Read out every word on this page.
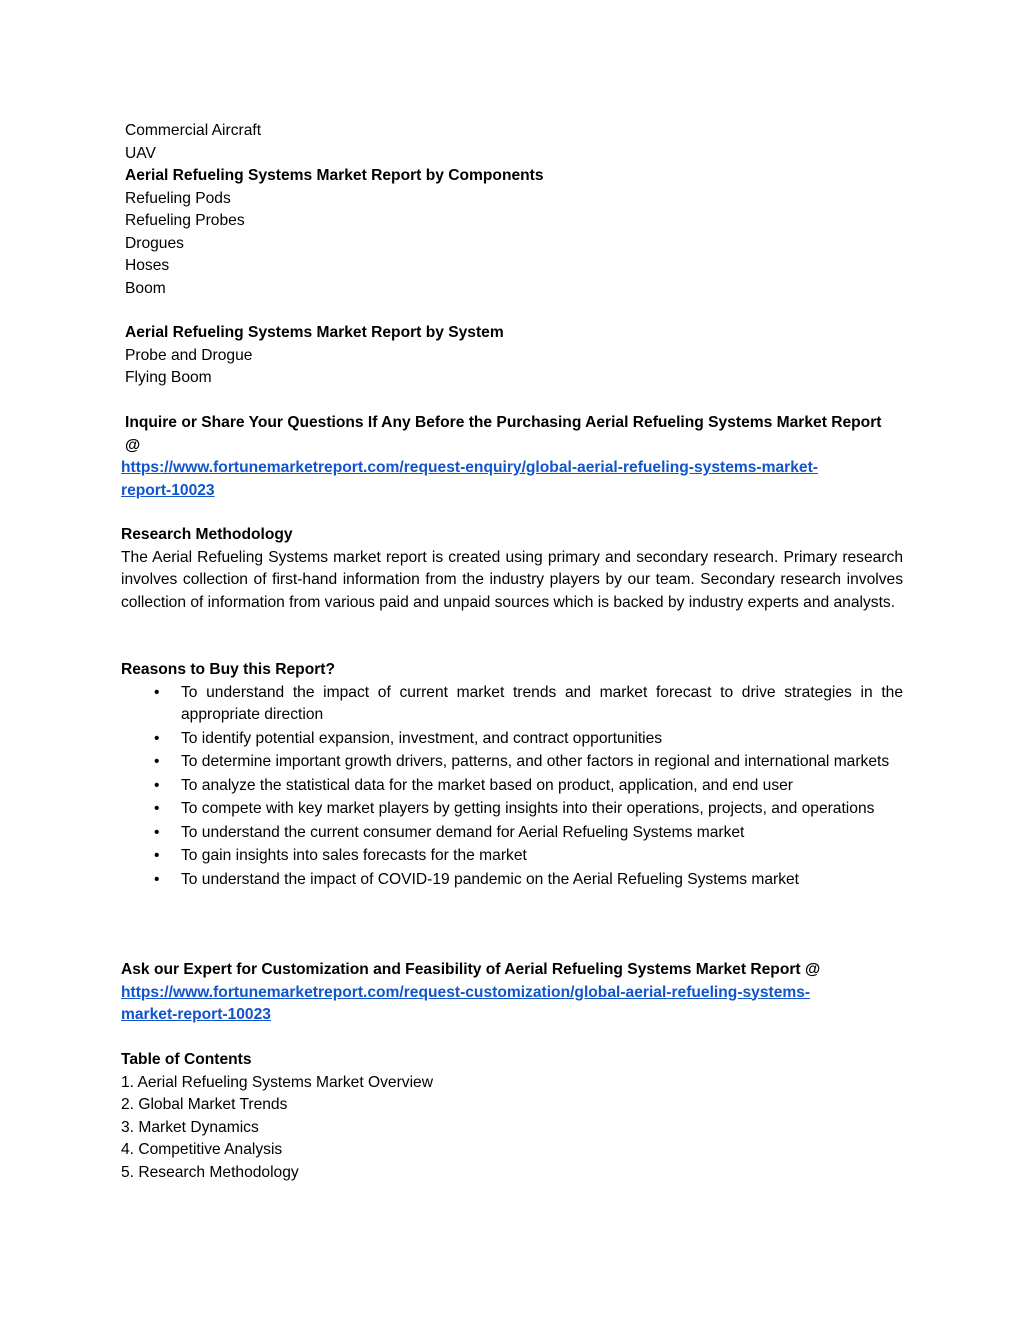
Commercial Aircraft
UAV
Aerial Refueling Systems Market Report by Components
Refueling Pods
Refueling Probes
Drogues
Hoses
Boom
Aerial Refueling Systems Market Report by System
Probe and Drogue
Flying Boom
Inquire or Share Your Questions If Any Before the Purchasing Aerial Refueling Systems Market Report
@
https://www.fortunemarketreport.com/request-enquiry/global-aerial-refueling-systems-market-
report-10023
Research Methodology
The Aerial Refueling Systems market report is created using primary and secondary research. Primary research involves collection of first-hand information from the industry players by our team. Secondary research involves collection of information from various paid and unpaid sources which is backed by industry experts and analysts.
Reasons to Buy this Report?
• To understand the impact of current market trends and market forecast to drive strategies in the appropriate direction
• To identify potential expansion, investment, and contract opportunities
• To determine important growth drivers, patterns, and other factors in regional and international markets
• To analyze the statistical data for the market based on product, application, and end user
• To compete with key market players by getting insights into their operations, projects, and operations
• To understand the current consumer demand for Aerial Refueling Systems market
• To gain insights into sales forecasts for the market
• To understand the impact of COVID-19 pandemic on the Aerial Refueling Systems market
Ask our Expert for Customization and Feasibility of Aerial Refueling Systems Market Report @
https://www.fortunemarketreport.com/request-customization/global-aerial-refueling-systems-
market-report-10023
Table of Contents
1. Aerial Refueling Systems Market Overview
2. Global Market Trends
3. Market Dynamics
4. Competitive Analysis
5. Research Methodology
